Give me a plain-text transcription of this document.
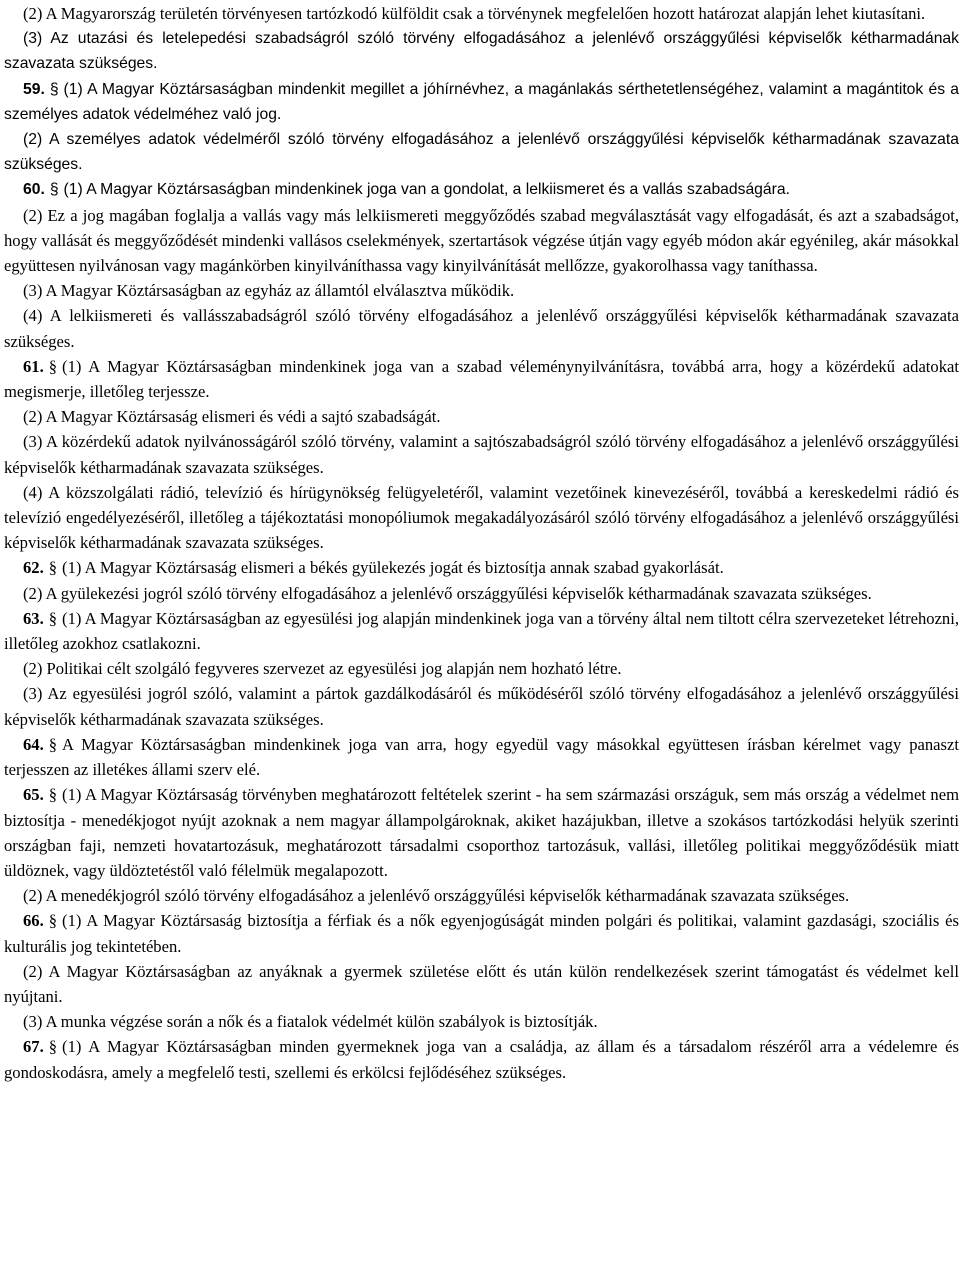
(2) A Magyarország területén törvényesen tartózkodó külföldit csak a törvénynek megfelelően hozott határozat alapján lehet kiutasítani.

(3) Az utazási és letelepedési szabadságról szóló törvény elfogadásához a jelenlévő országgyűlési képviselők kétharmadának szavazata szükséges.

59. § (1) A Magyar Köztársaságban mindenkit megillet a jóhírnévhez, a magánlakás sérthetetlenségéhez, valamint a magántitok és a személyes adatok védelméhez való jog.

(2) A személyes adatok védelméről szóló törvény elfogadásához a jelenlévő országgyűlési képviselők kétharmadának szavazata szükséges.

60. § (1) A Magyar Köztársaságban mindenkinek joga van a gondolat, a lelkiismeret és a vallás szabadságára.

(2) Ez a jog magában foglalja a vallás vagy más lelkiismereti meggyőződés szabad megválasztását vagy elfogadását, és azt a szabadságot, hogy vallását és meggyőződését mindenki vallásos cselekmények, szertartások végzése útján vagy egyéb módon akár egyénileg, akár másokkal együttesen nyilvánosan vagy magánkörben kinyilváníthassa vagy kinyilvánítását mellőzze, gyakorolhassa vagy taníthassa.

(3) A Magyar Köztársaságban az egyház az államtól elválasztva működik.

(4) A lelkiismereti és vallásszabadságról szóló törvény elfogadásához a jelenlévő országgyűlési képviselők kétharmadának szavazata szükséges.

61. § (1) A Magyar Köztársaságban mindenkinek joga van a szabad véleménynyilvánításra, továbbá arra, hogy a közérdekű adatokat megismerje, illetőleg terjessze.

(2) A Magyar Köztársaság elismeri és védi a sajtó szabadságát.

(3) A közérdekű adatok nyilvánosságáról szóló törvény, valamint a sajtószabadságról szóló törvény elfogadásához a jelenlévő országgyűlési képviselők kétharmadának szavazata szükséges.

(4) A közszolgálati rádió, televízió és hírügynökség felügyeletéről, valamint vezetőinek kinevezéséről, továbbá a kereskedelmi rádió és televízió engedélyezéséről, illetőleg a tájékoztatási monopóliumok megakadályozásáról szóló törvény elfogadásához a jelenlévő országgyűlési képviselők kétharmadának szavazata szükséges.

62. § (1) A Magyar Köztársaság elismeri a békés gyülekezés jogát és biztosítja annak szabad gyakorlását.

(2) A gyülekezési jogról szóló törvény elfogadásához a jelenlévő országgyűlési képviselők kétharmadának szavazata szükséges.

63. § (1) A Magyar Köztársaságban az egyesülési jog alapján mindenkinek joga van a törvény által nem tiltott célra szervezeteket létrehozni, illetőleg azokhoz csatlakozni.

(2) Politikai célt szolgáló fegyveres szervezet az egyesülési jog alapján nem hozható létre.

(3) Az egyesülési jogról szóló, valamint a pártok gazdálkodásáról és működéséről szóló törvény elfogadásához a jelenlévő országgyűlési képviselők kétharmadának szavazata szükséges.

64. § A Magyar Köztársaságban mindenkinek joga van arra, hogy egyedül vagy másokkal együttesen írásban kérelmet vagy panaszt terjesszen az illetékes állami szerv elé.

65. § (1) A Magyar Köztársaság törvényben meghatározott feltételek szerint - ha sem származási országuk, sem más ország a védelmet nem biztosítja - menedékjogot nyújt azoknak a nem magyar állampolgároknak, akiket hazájukban, illetve a szokásos tartózkodási helyük szerinti országban faji, nemzeti hovatartozásuk, meghatározott társadalmi csoporthoz tartozásuk, vallási, illetőleg politikai meggyőződésük miatt üldöznek, vagy üldöztetéstől való félelmük megalapozott.

(2) A menedékjogról szóló törvény elfogadásához a jelenlévő országgyűlési képviselők kétharmadának szavazata szükséges.

66. § (1) A Magyar Köztársaság biztosítja a férfiak és a nők egyenjogúságát minden polgári és politikai, valamint gazdasági, szociális és kulturális jog tekintetében.

(2) A Magyar Köztársaságban az anyáknak a gyermek születése előtt és után külön rendelkezések szerint támogatást és védelmet kell nyújtani.

(3) A munka végzése során a nők és a fiatalok védelmét külön szabályok is biztosítják.

67. § (1) A Magyar Köztársaságban minden gyermeknek joga van a családja, az állam és a társadalom részéről arra a védelemre és gondoskodásra, amely a megfelelő testi, szellemi és erkölcsi fejlődéséhez szükséges.
